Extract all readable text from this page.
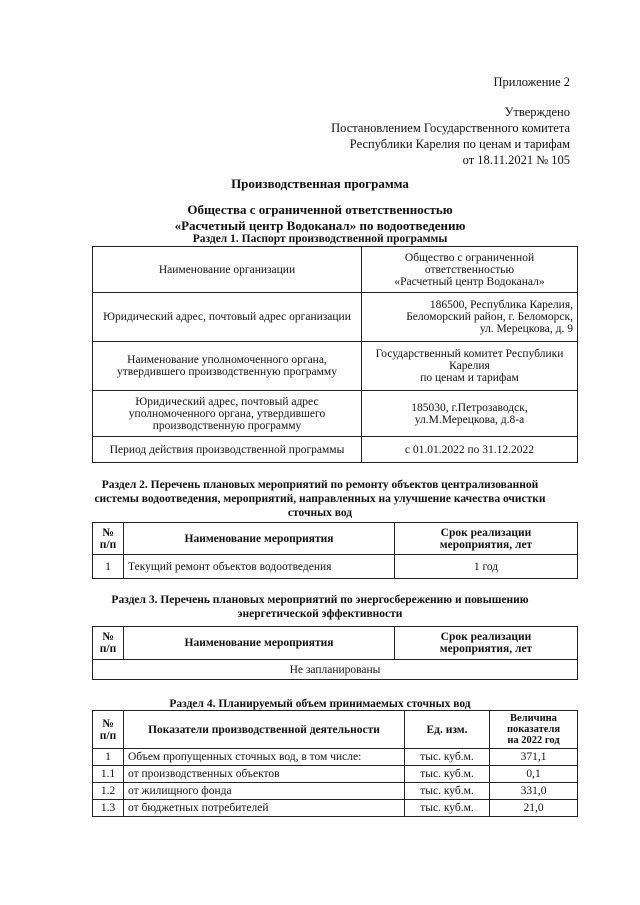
Приложение 2
Утверждено
Постановлением Государственного комитета
Республики Карелия по ценам и тарифам
от 18.11.2021 № 105
Производственная программа
Общества с ограниченной ответственностью
«Расчетный центр Водоканал» по водоотведению
Раздел 1. Паспорт производственной программы
Наименование организации	Общество с ограниченной
ответственностью
«Расчетный центр Водоканал»
Юридический адрес, почтовый адрес организации	186500, Республика Карелия,
Беломорский район, г. Беломорск,
ул. Мерецкова, д. 9
Наименование уполномоченного органа,
утвердившего производственную программу	Государственный комитет Республики
Карелия
по ценам и тарифам
Юридический адрес, почтовый адрес
уполномоченного органа, утвердившего
производственную программу	185030, г.Петрозаводск,
ул.М.Мерецкова, д.8-а
Период действия производственной программы	с 01.01.2022 по 31.12.2022
Раздел 2. Перечень плановых мероприятий по ремонту объектов централизованной
системы водоотведения, мероприятий, направленных на улучшение качества очистки
сточных вод
№
п/п	Наименование мероприятия	Срок реализации
мероприятия, лет
1	Текущий ремонт объектов водоотведения	1 год
Раздел 3. Перечень плановых мероприятий по энергосбережению и повышению
энергетической эффективности
№
п/п	Наименование мероприятия	Срок реализации
мероприятия, лет
Не запланированы
Раздел 4. Планируемый объем принимаемых сточных вод
№
п/п	Показатели производственной деятельности	Ед. изм.	Величина
показателя
на 2022 год
1	Объем пропущенных сточных вод, в том числе:	тыс. куб.м.	371,1
1.1	от производственных объектов	тыс. куб.м.	0,1
1.2	от жилищного фонда	тыс. куб.м.	331,0
1.3	от бюджетных потребителей	тыс. куб.м.	21,0
